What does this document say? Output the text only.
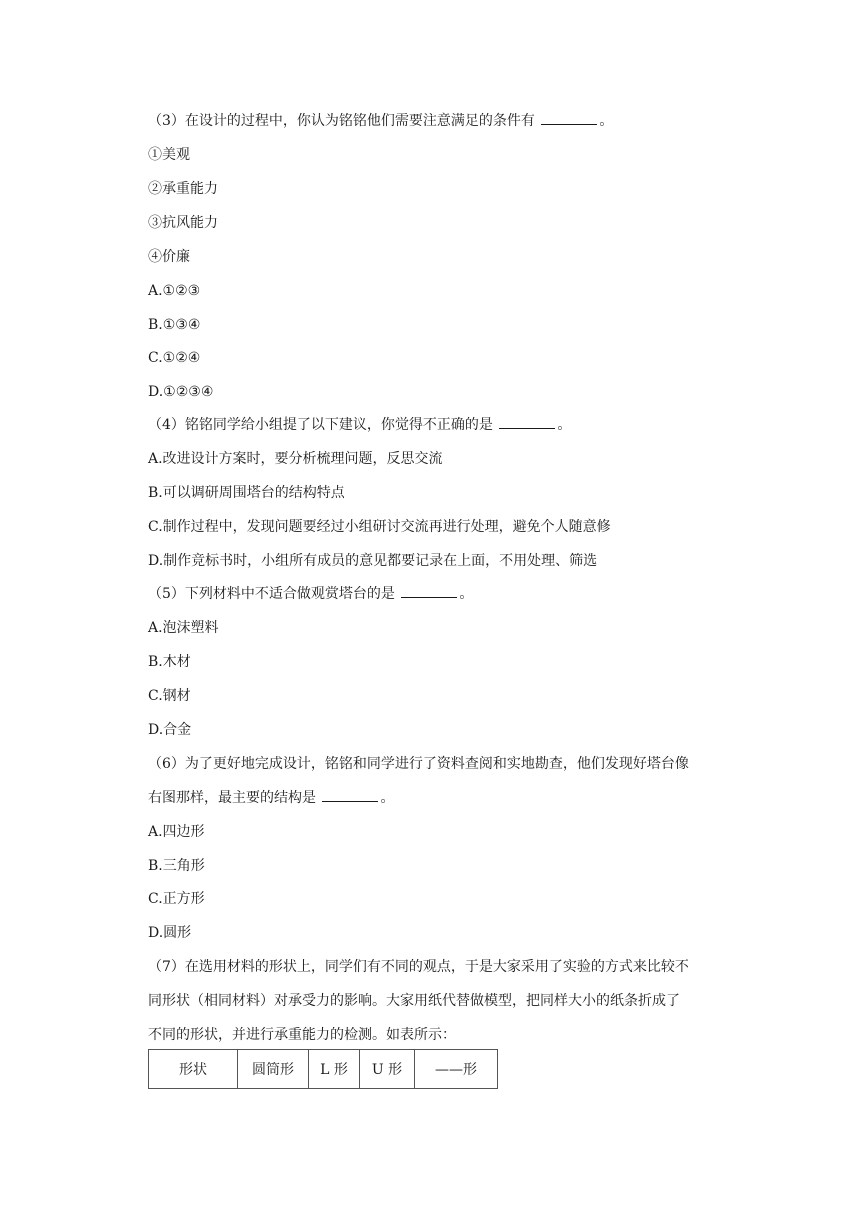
（3）在设计的过程中，你认为铭铭他们需要注意满足的条件有	。
①美观
②承重能力
③抗风能力
④价廉
A.①②③
B.①③④
C.①②④
D.①②③④
（4）铭铭同学给小组提了以下建议，你觉得不正确的是	。
A.改进设计方案时，要分析梳理问题，反思交流
B.可以调研周围塔台的结构特点
C.制作过程中，发现问题要经过小组研讨交流再进行处理，避免个人随意修
D.制作竞标书时，小组所有成员的意见都要记录在上面，不用处理、筛选
（5）下列材料中不适合做观赏塔台的是	。
A.泡沫塑料
B.木材
C.钢材
D.合金
（6）为了更好地完成设计，铭铭和同学进行了资料查阅和实地勘查，他们发现好塔台像
右图那样，最主要的结构是	。
A.四边形
B.三角形
C.正方形
D.圆形
（7）在选用材料的形状上，同学们有不同的观点，于是大家采用了实验的方式来比较不
同形状（相同材料）对承受力的影响。大家用纸代替做模型，把同样大小的纸条折成了
不同的形状，并进行承重能力的检测。如表所示：
形状	圆筒形	L 形	U 形	——形
